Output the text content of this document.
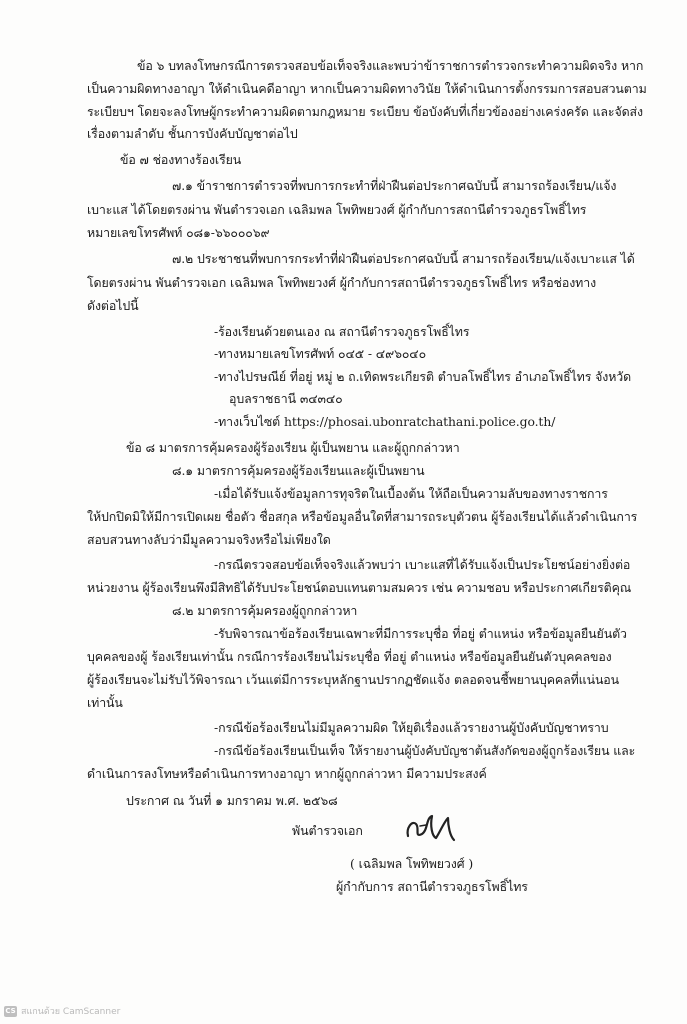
ข้อ ๖ บทลงโทษกรณีการตรวจสอบข้อเท็จจริงและพบว่าข้าราชการตำรวจกระทำความผิดจริง หาก
เป็นความผิดทางอาญา ให้ดำเนินคดีอาญา หากเป็นความผิดทางวินัย ให้ดำเนินการตั้งกรรมการสอบสวนตาม
ระเบียบฯ โดยจะลงโทษผู้กระทำความผิดตามกฎหมาย ระเบียบ ข้อบังคับที่เกี่ยวข้องอย่างเคร่งครัด และจัดส่ง
เรื่องตามลำดับ ชั้นการบังคับบัญชาต่อไป
ข้อ ๗ ช่องทางร้องเรียน
๗.๑ ข้าราชการตำรวจที่พบการกระทำที่ฝ่าฝืนต่อประกาศฉบับนี้ สามารถร้องเรียน/แจ้ง
เบาะแส ได้โดยตรงผ่าน พันตำรวจเอก เฉลิมพล โพทิพยวงศ์ ผู้กำกับการสถานีตำรวจภูธรโพธิ์ไทร
หมายเลขโทรศัพท์ ๐๘๑-๖๖๐๐๐๖๙
๗.๒ ประชาชนที่พบการกระทำที่ฝ่าฝืนต่อประกาศฉบับนี้ สามารถร้องเรียน/แจ้งเบาะแส ได้
โดยตรงผ่าน พันตำรวจเอก เฉลิมพล โพทิพยวงศ์ ผู้กำกับการสถานีตำรวจภูธรโพธิ์ไทร หรือช่องทาง
ดังต่อไปนี้
-ร้องเรียนด้วยตนเอง ณ สถานีตำรวจภูธรโพธิ์ไทร
-ทางหมายเลขโทรศัพท์ ๐๔๕ - ๔๙๖๐๔๐
-ทางไปรษณีย์ ที่อยู่ หมู่ ๒ ถ.เทิดพระเกียรติ ตำบลโพธิ์ไทร อำเภอโพธิ์ไทร จังหวัด
อุบลราชธานี ๓๔๓๔๐
-ทางเว็บไซต์ https://phosai.ubonratchathani.police.go.th/
ข้อ ๘ มาตรการคุ้มครองผู้ร้องเรียน ผู้เป็นพยาน และผู้ถูกกล่าวหา
๘.๑ มาตรการคุ้มครองผู้ร้องเรียนและผู้เป็นพยาน
-เมื่อได้รับแจ้งข้อมูลการทุจริตในเบื้องต้น ให้ถือเป็นความลับของทางราชการ
ให้ปกปิดมิให้มีการเปิดเผย ชื่อตัว ชื่อสกุล หรือข้อมูลอื่นใดที่สามารถระบุตัวตน ผู้ร้องเรียนได้แล้วดำเนินการ
สอบสวนทางลับว่ามีมูลความจริงหรือไม่เพียงใด
-กรณีตรวจสอบข้อเท็จจริงแล้วพบว่า เบาะแสที่ได้รับแจ้งเป็นประโยชน์อย่างยิ่งต่อ
หน่วยงาน ผู้ร้องเรียนพึงมีสิทธิได้รับประโยชน์ตอบแทนตามสมควร เช่น ความชอบ หรือประกาศเกียรติคุณ
๘.๒ มาตรการคุ้มครองผู้ถูกกล่าวหา
-รับพิจารณาข้อร้องเรียนเฉพาะที่มีการระบุชื่อ ที่อยู่ ตำแหน่ง หรือข้อมูลยืนยันตัว
บุคคลของผู้ ร้องเรียนเท่านั้น กรณีการร้องเรียนไม่ระบุชื่อ ที่อยู่ ตำแหน่ง หรือข้อมูลยืนยันตัวบุคคลของ
ผู้ร้องเรียนจะไม่รับไว้พิจารณา เว้นแต่มีการระบุหลักฐานปรากฏชัดแจ้ง ตลอดจนชี้พยานบุคคลที่แน่นอน
เท่านั้น
-กรณีข้อร้องเรียนไม่มีมูลความผิด ให้ยุติเรื่องแล้วรายงานผู้บังคับบัญชาทราบ
-กรณีข้อร้องเรียนเป็นเท็จ ให้รายงานผู้บังคับบัญชาต้นสังกัดของผู้ถูกร้องเรียน และ
ดำเนินการลงโทษหรือดำเนินการทางอาญา หากผู้ถูกกล่าวหา มีความประสงค์
ประกาศ ณ วันที่ ๑ มกราคม พ.ศ. ๒๕๖๘
พันตำรวจเอก
( เฉลิมพล โพทิพยวงศ์ )
ผู้กำกับการ สถานีตำรวจภูธรโพธิ์ไทร
CS สแกนด้วย CamScanner
